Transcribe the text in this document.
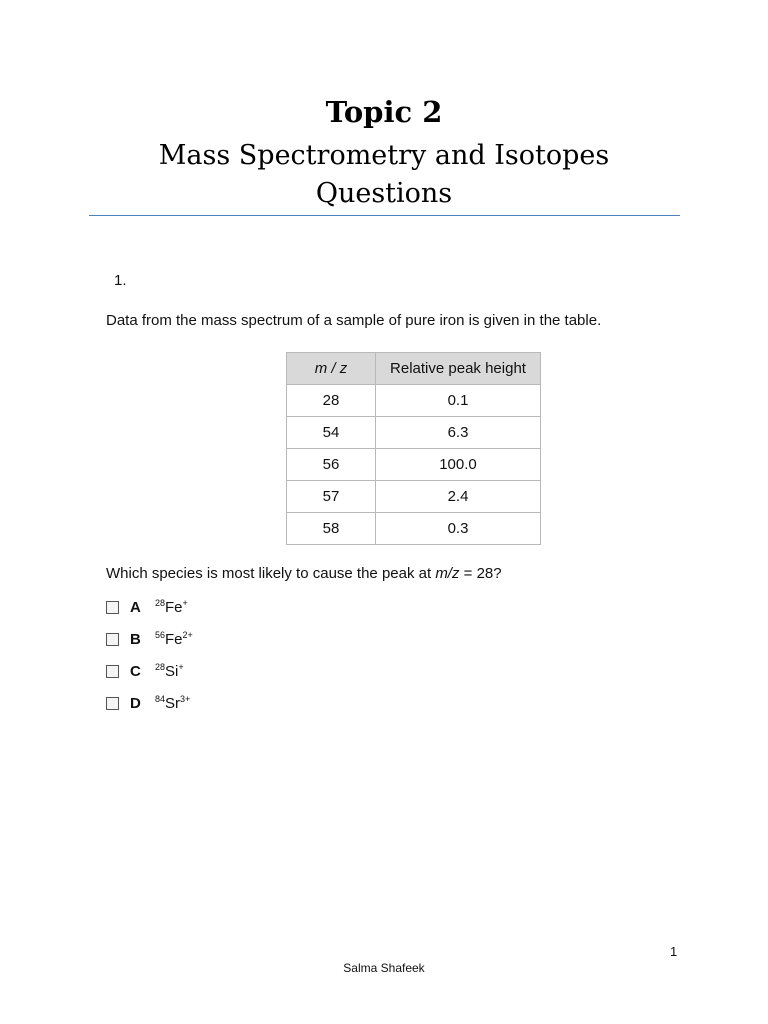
Topic 2
Mass Spectrometry and Isotopes
Questions
1.
Data from the mass spectrum of a sample of pure iron is given in the table.
m / z	Relative peak height
28	0.1
54	6.3
56	100.0
57	2.4
58	0.3
Which species is most likely to cause the peak at m/z = 28?
A	$^{28}$Fe+
B	$^{56}Fe^{2+}$
C	$^{28}$Si+
D	$^{84}Sr^{3+}$
1
Salma Shafeek
